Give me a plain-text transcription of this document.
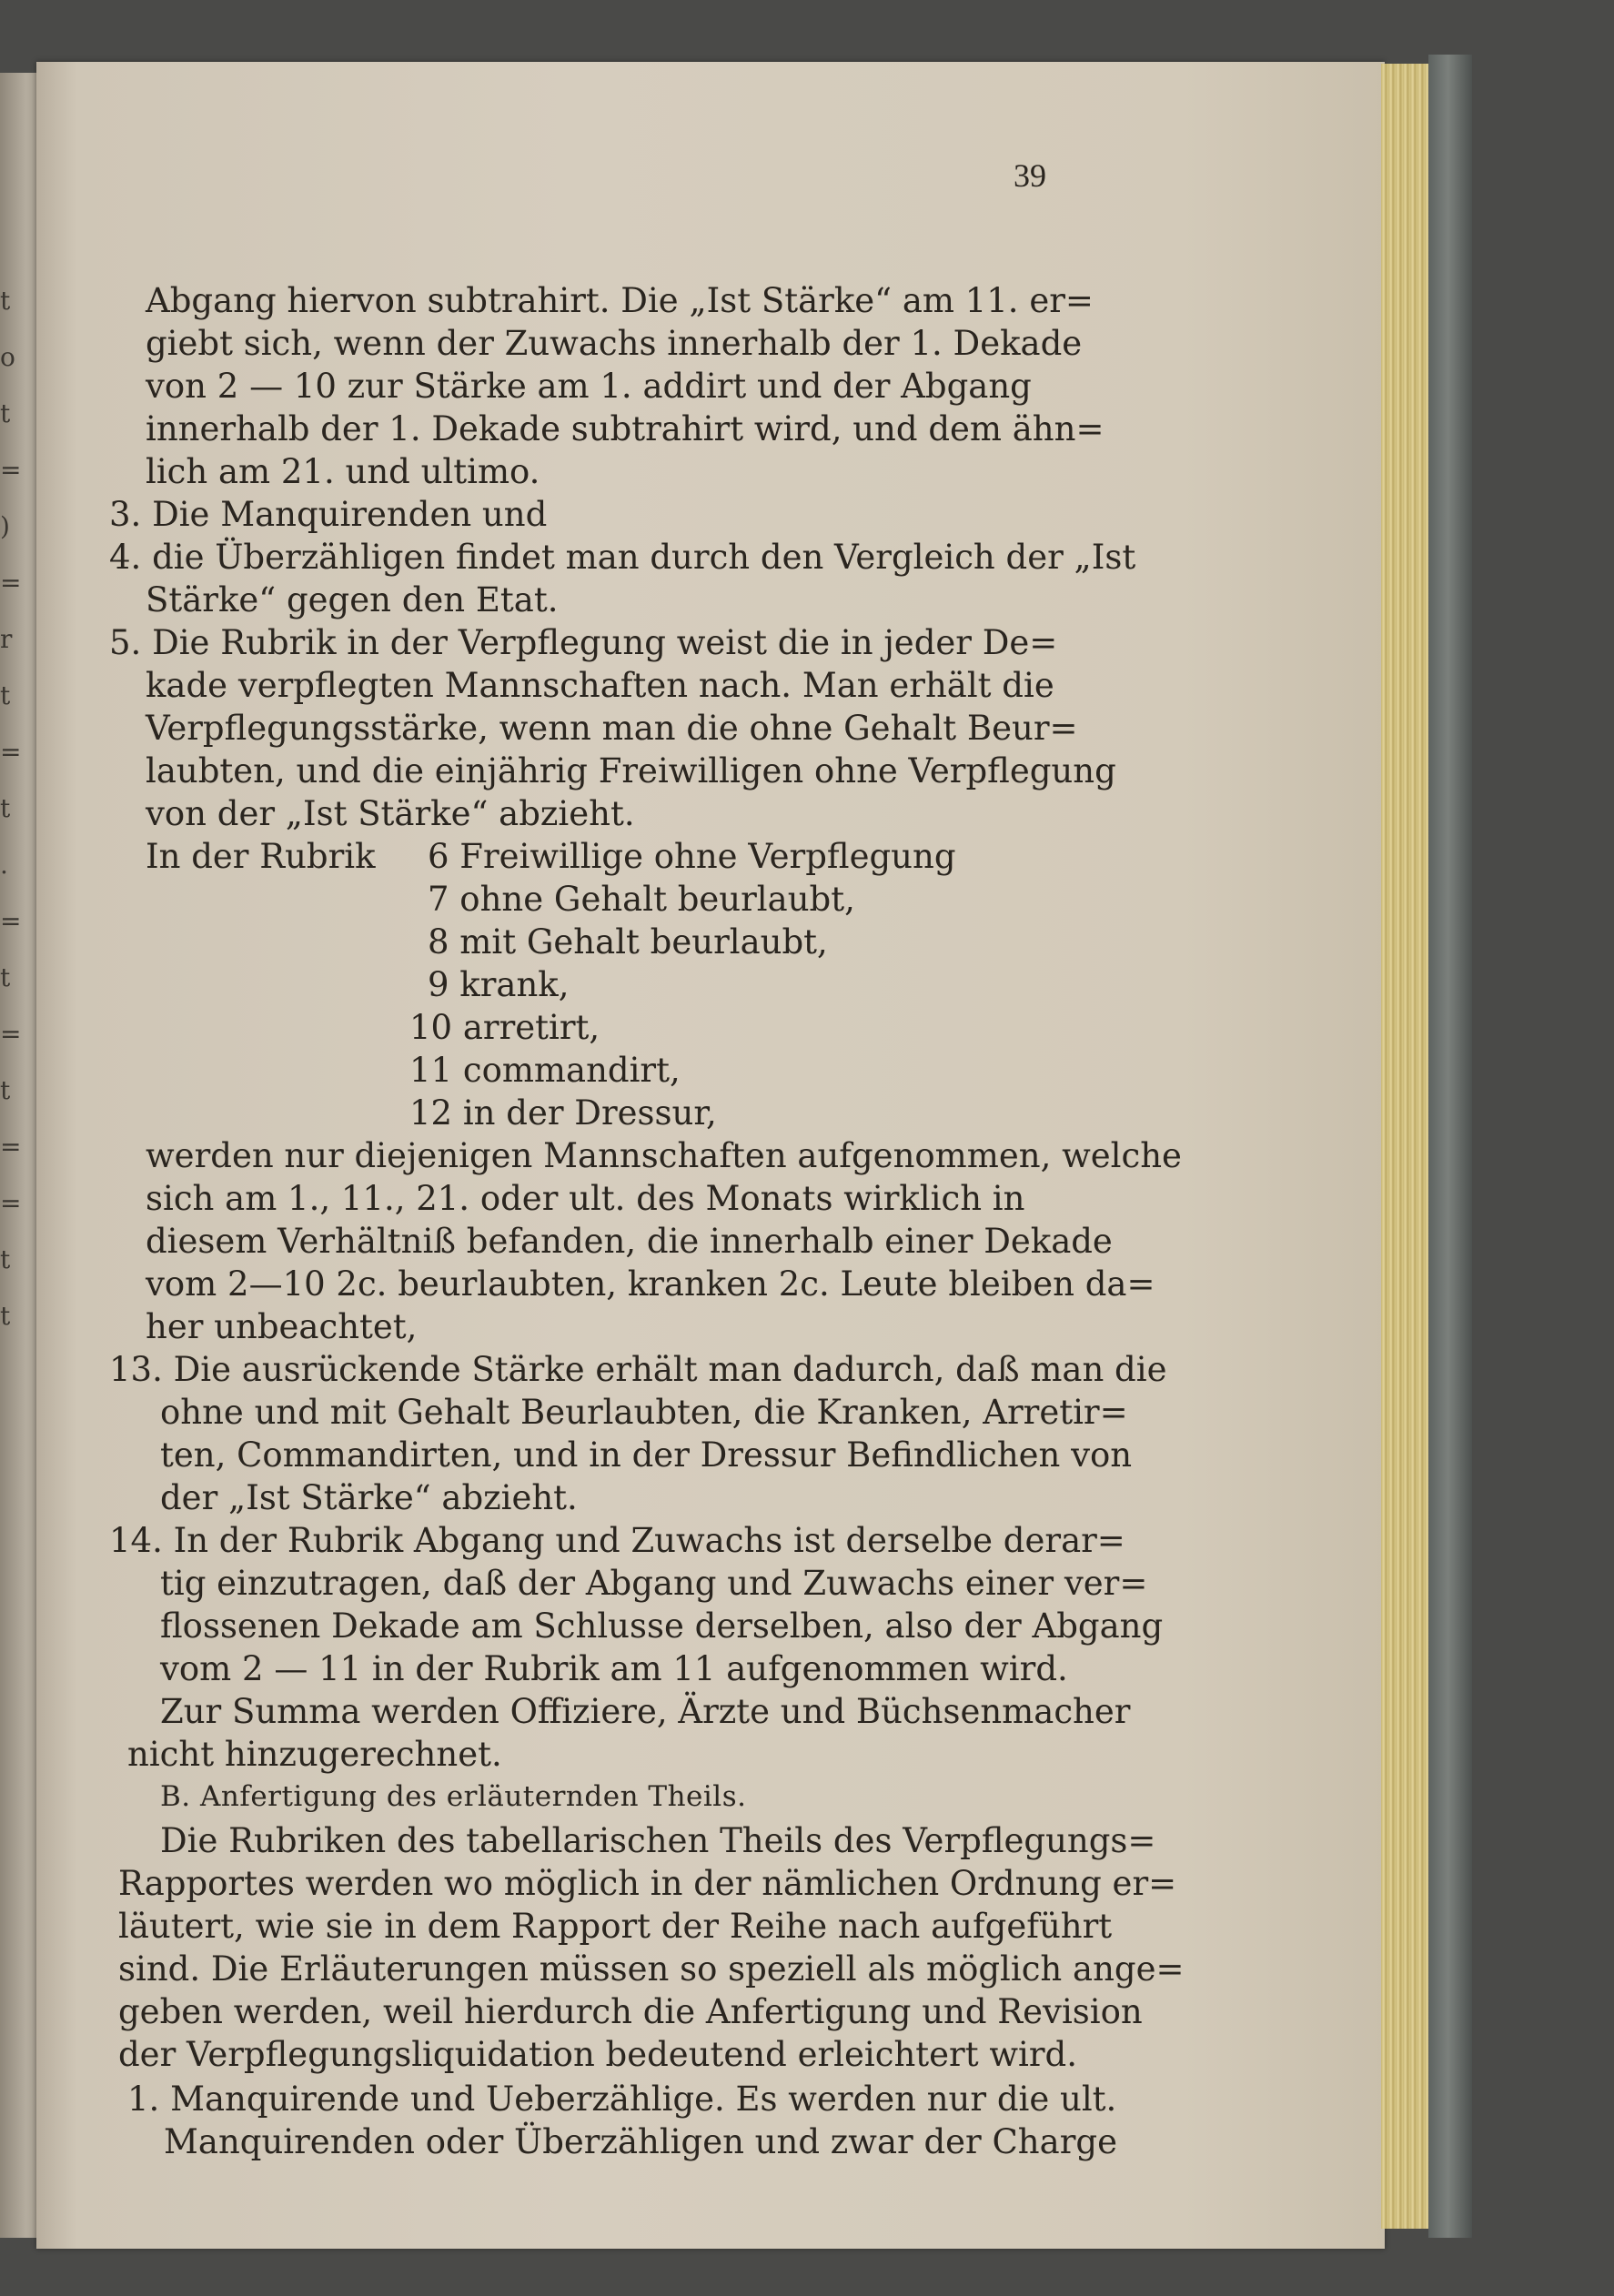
t
o
t
=
)
=
r
t
=
t
.
=
t
=
t
=
=
t
t
39
Abgang hiervon subtrahirt. Die „Ist Stärke“ am 11. er=
giebt sich, wenn der Zuwachs innerhalb der 1. Dekade
von 2 — 10 zur Stärke am 1. addirt und der Abgang
innerhalb der 1. Dekade subtrahirt wird, und dem ähn=
lich am 21. und ultimo.
3. Die Manquirenden und
4. die Überzähligen findet man durch den Vergleich der „Ist
Stärke“ gegen den Etat.
5. Die Rubrik in der Verpflegung weist die in jeder De=
kade verpflegten Mannschaften nach. Man erhält die
Verpflegungsstärke, wenn man die ohne Gehalt Beur=
laubten, und die einjährig Freiwilligen ohne Verpflegung
von der „Ist Stärke“ abzieht.
In der Rubrik 6 Freiwillige ohne Verpflegung
7 ohne Gehalt beurlaubt,
8 mit Gehalt beurlaubt,
9 krank,
10 arretirt,
11 commandirt,
12 in der Dressur,
werden nur diejenigen Mannschaften aufgenommen, welche
sich am 1., 11., 21. oder ult. des Monats wirklich in
diesem Verhältniß befanden, die innerhalb einer Dekade
vom 2—10 2c. beurlaubten, kranken 2c. Leute bleiben da=
her unbeachtet,
13. Die ausrückende Stärke erhält man dadurch, daß man die
ohne und mit Gehalt Beurlaubten, die Kranken, Arretir=
ten, Commandirten, und in der Dressur Befindlichen von
der „Ist Stärke“ abzieht.
14. In der Rubrik Abgang und Zuwachs ist derselbe derar=
tig einzutragen, daß der Abgang und Zuwachs einer ver=
flossenen Dekade am Schlusse derselben, also der Abgang
vom 2 — 11 in der Rubrik am 11 aufgenommen wird.
Zur Summa werden Offiziere, Ärzte und Büchsenmacher
nicht hinzugerechnet.
B. Anfertigung des erläuternden Theils.
Die Rubriken des tabellarischen Theils des Verpflegungs=
Rapportes werden wo möglich in der nämlichen Ordnung er=
läutert, wie sie in dem Rapport der Reihe nach aufgeführt
sind. Die Erläuterungen müssen so speziell als möglich ange=
geben werden, weil hierdurch die Anfertigung und Revision
der Verpflegungsliquidation bedeutend erleichtert wird.
1. Manquirende und Ueberzählige. Es werden nur die ult.
Manquirenden oder Überzähligen und zwar der Charge
